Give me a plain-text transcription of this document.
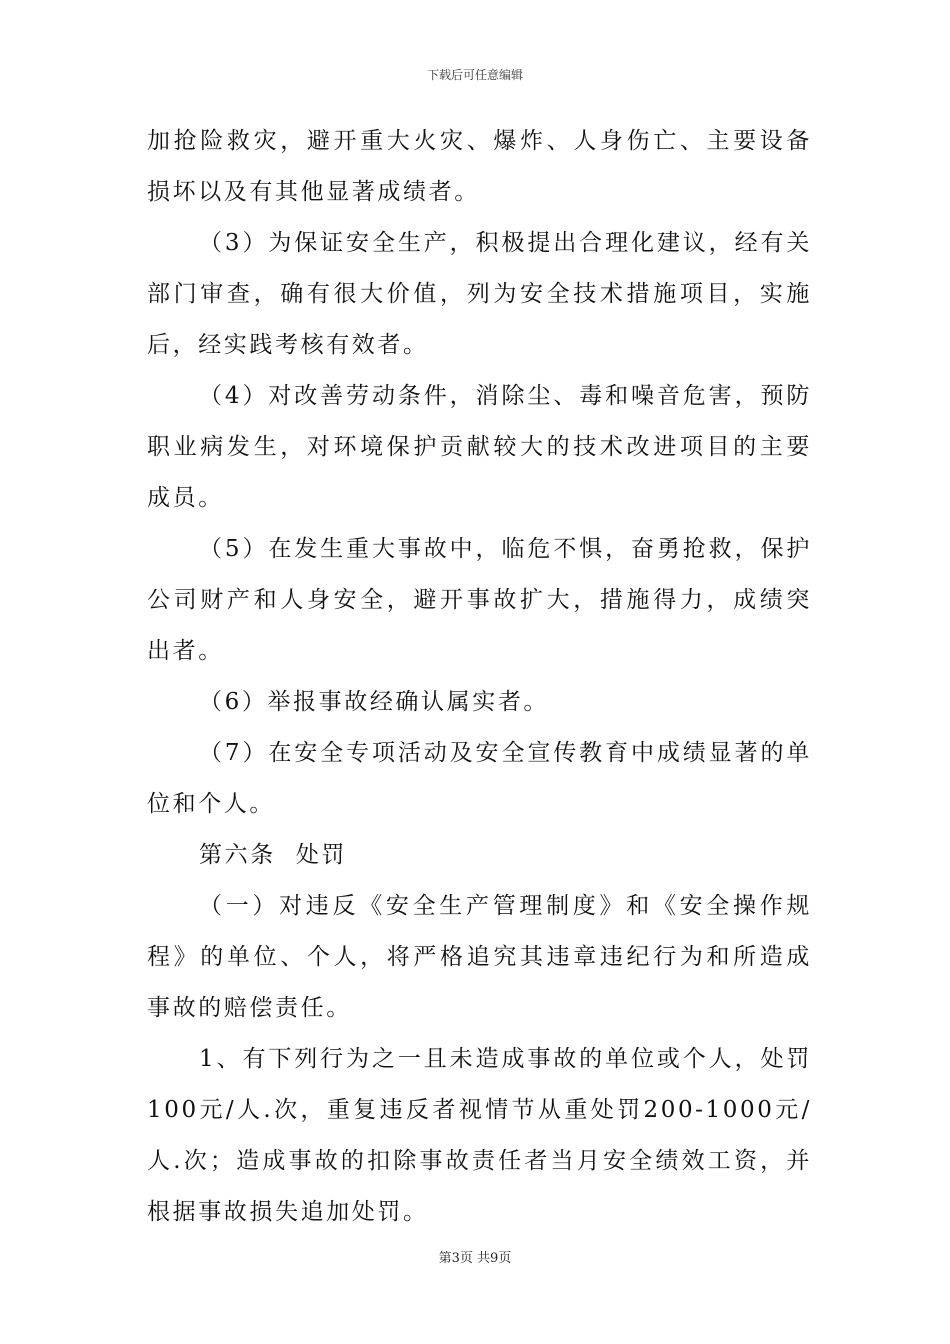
下载后可任意编辑

加抢险救灾，避开重大火灾、爆炸、人身伤亡、主要设备损坏以及有其他显著成绩者。

（3）为保证安全生产，积极提出合理化建议，经有关部门审查，确有很大价值，列为安全技术措施项目，实施后，经实践考核有效者。

（4）对改善劳动条件，消除尘、毒和噪音危害，预防职业病发生，对环境保护贡献较大的技术改进项目的主要成员。

（5）在发生重大事故中，临危不惧，奋勇抢救，保护公司财产和人身安全，避开事故扩大，措施得力，成绩突出者。

（6）举报事故经确认属实者。

（7）在安全专项活动及安全宣传教育中成绩显著的单位和个人。

第六条 处罚

（一）对违反《安全生产管理制度》和《安全操作规程》的单位、个人，将严格追究其违章违纪行为和所造成事故的赔偿责任。

1、有下列行为之一且未造成事故的单位或个人，处罚100元/人.次，重复违反者视情节从重处罚200-1000元/人.次；造成事故的扣除事故责任者当月安全绩效工资，并根据事故损失追加处罚。

第3页 共9页
